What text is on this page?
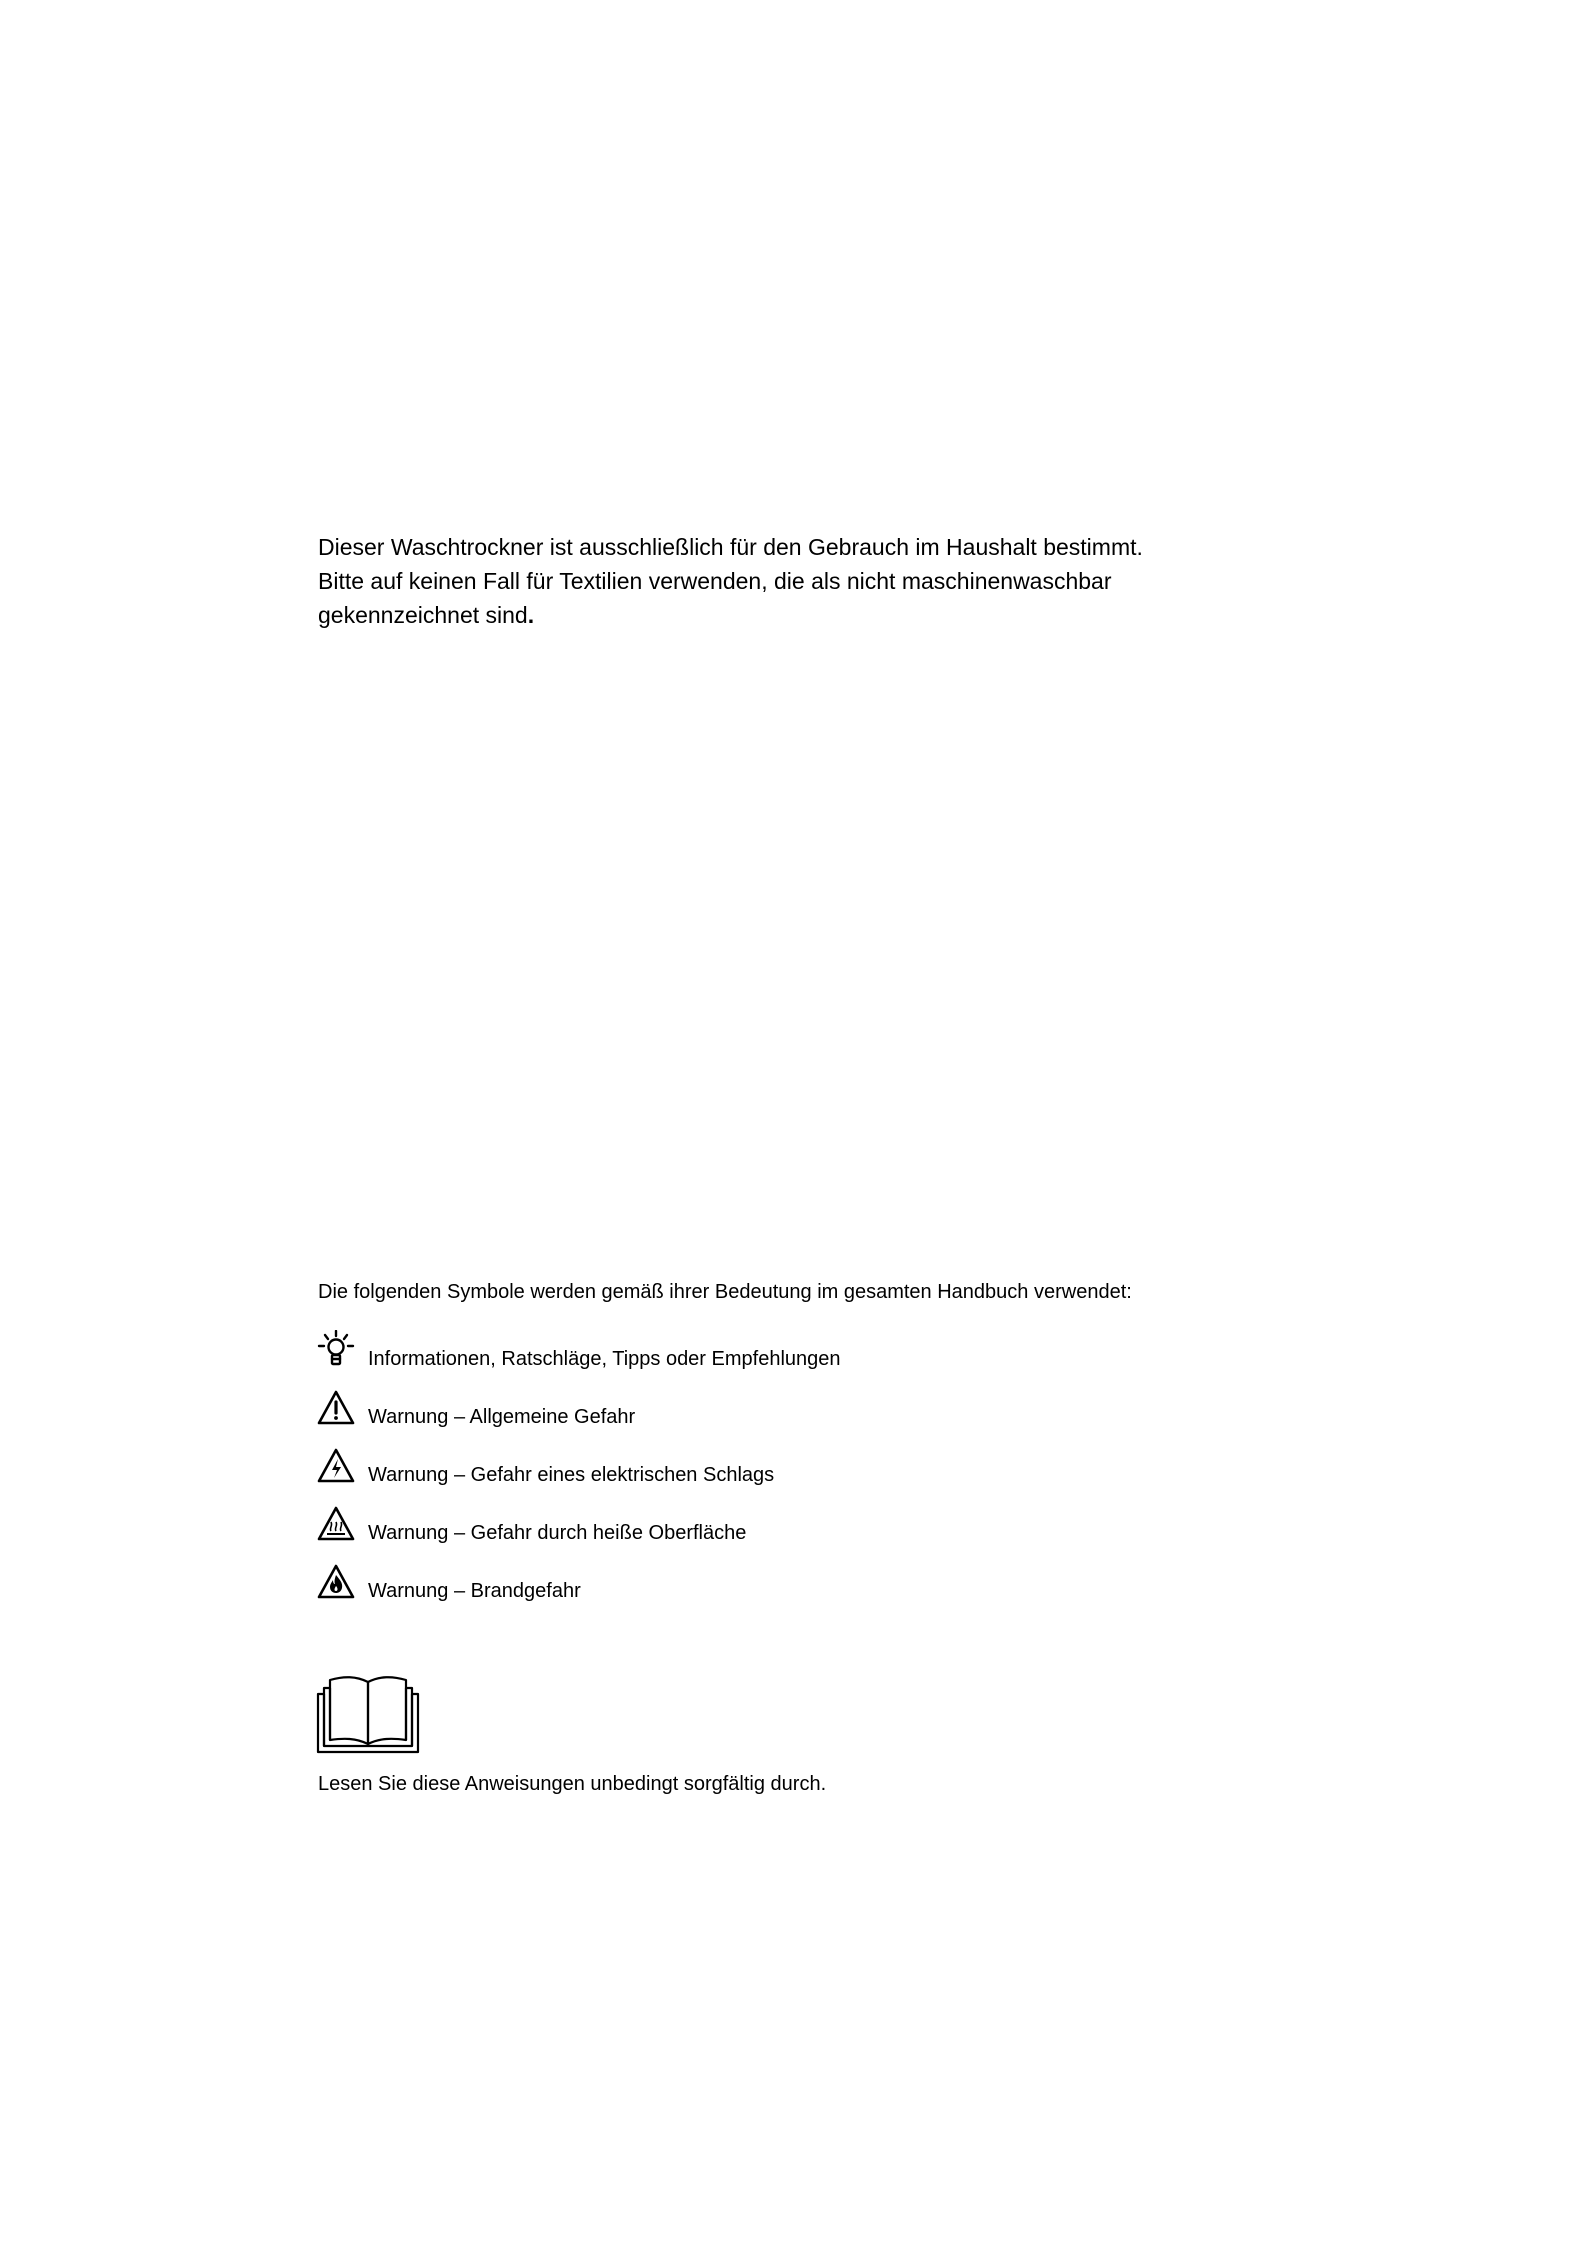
Dieser Waschtrockner ist ausschließlich für den Gebrauch im Haushalt bestimmt.

Bitte auf keinen Fall für Textilien verwenden, die als nicht maschinenwaschbar

gekennzeichnet sind.

Die folgenden Symbole werden gemäß ihrer Bedeutung im gesamten Handbuch verwendet:
Informationen, Ratschläge, Tipps oder Empfehlungen
Warnung – Allgemeine Gefahr
Warnung – Gefahr eines elektrischen Schlags
Warnung – Gefahr durch heiße Oberfläche
Warnung – Brandgefahr
Lesen Sie diese Anweisungen unbedingt sorgfältig durch.
